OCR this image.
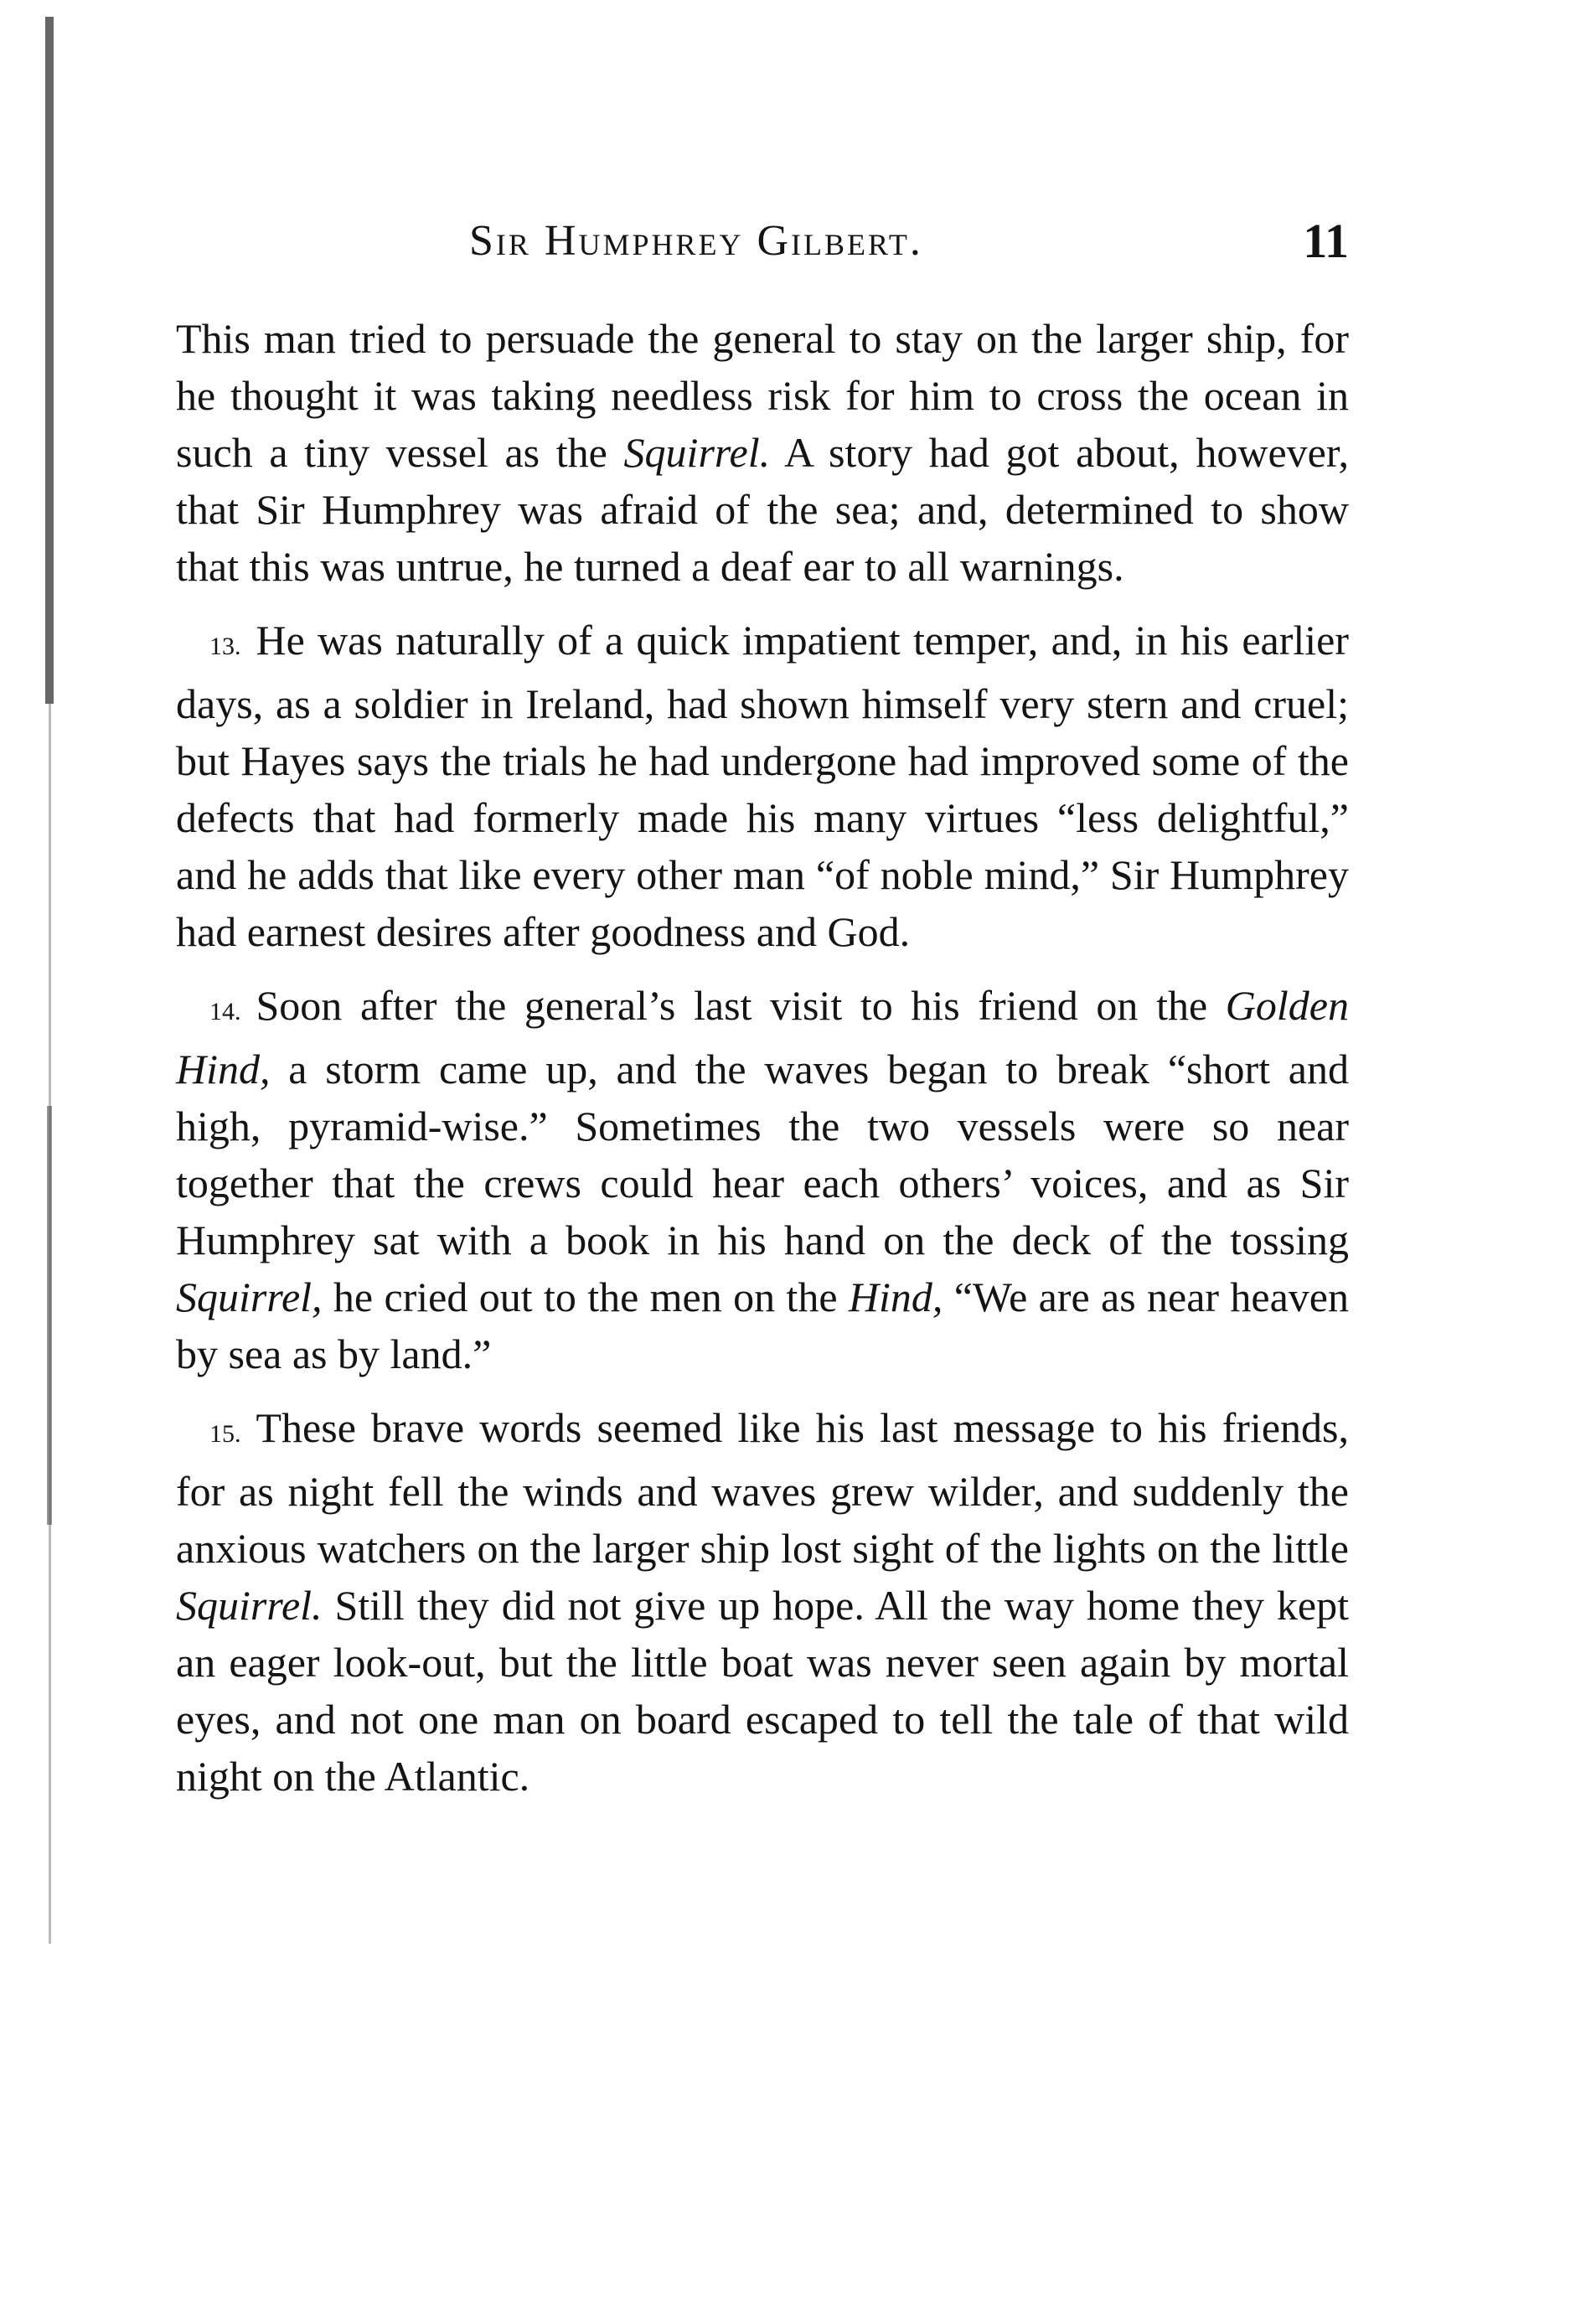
Sir Humphrey Gilbert.	11

This man tried to persuade the general to stay on the larger ship, for he thought it was taking needless risk for him to cross the ocean in such a tiny vessel as the Squirrel. A story had got about, however, that Sir Humphrey was afraid of the sea; and, determined to show that this was untrue, he turned a deaf ear to all warnings.

13. He was naturally of a quick impatient temper, and, in his earlier days, as a soldier in Ireland, had shown himself very stern and cruel; but Hayes says the trials he had undergone had improved some of the defects that had formerly made his many virtues “less delightful,” and he adds that like every other man “of noble mind,” Sir Humphrey had earnest desires after goodness and God.

14. Soon after the general’s last visit to his friend on the Golden Hind, a storm came up, and the waves began to break “short and high, pyramid-wise.” Sometimes the two vessels were so near together that the crews could hear each others’ voices, and as Sir Humphrey sat with a book in his hand on the deck of the tossing Squirrel, he cried out to the men on the Hind, “We are as near heaven by sea as by land.”

15. These brave words seemed like his last message to his friends, for as night fell the winds and waves grew wilder, and suddenly the anxious watchers on the larger ship lost sight of the lights on the little Squirrel. Still they did not give up hope. All the way home they kept an eager look-out, but the little boat was never seen again by mortal eyes, and not one man on board escaped to tell the tale of that wild night on the Atlantic.
